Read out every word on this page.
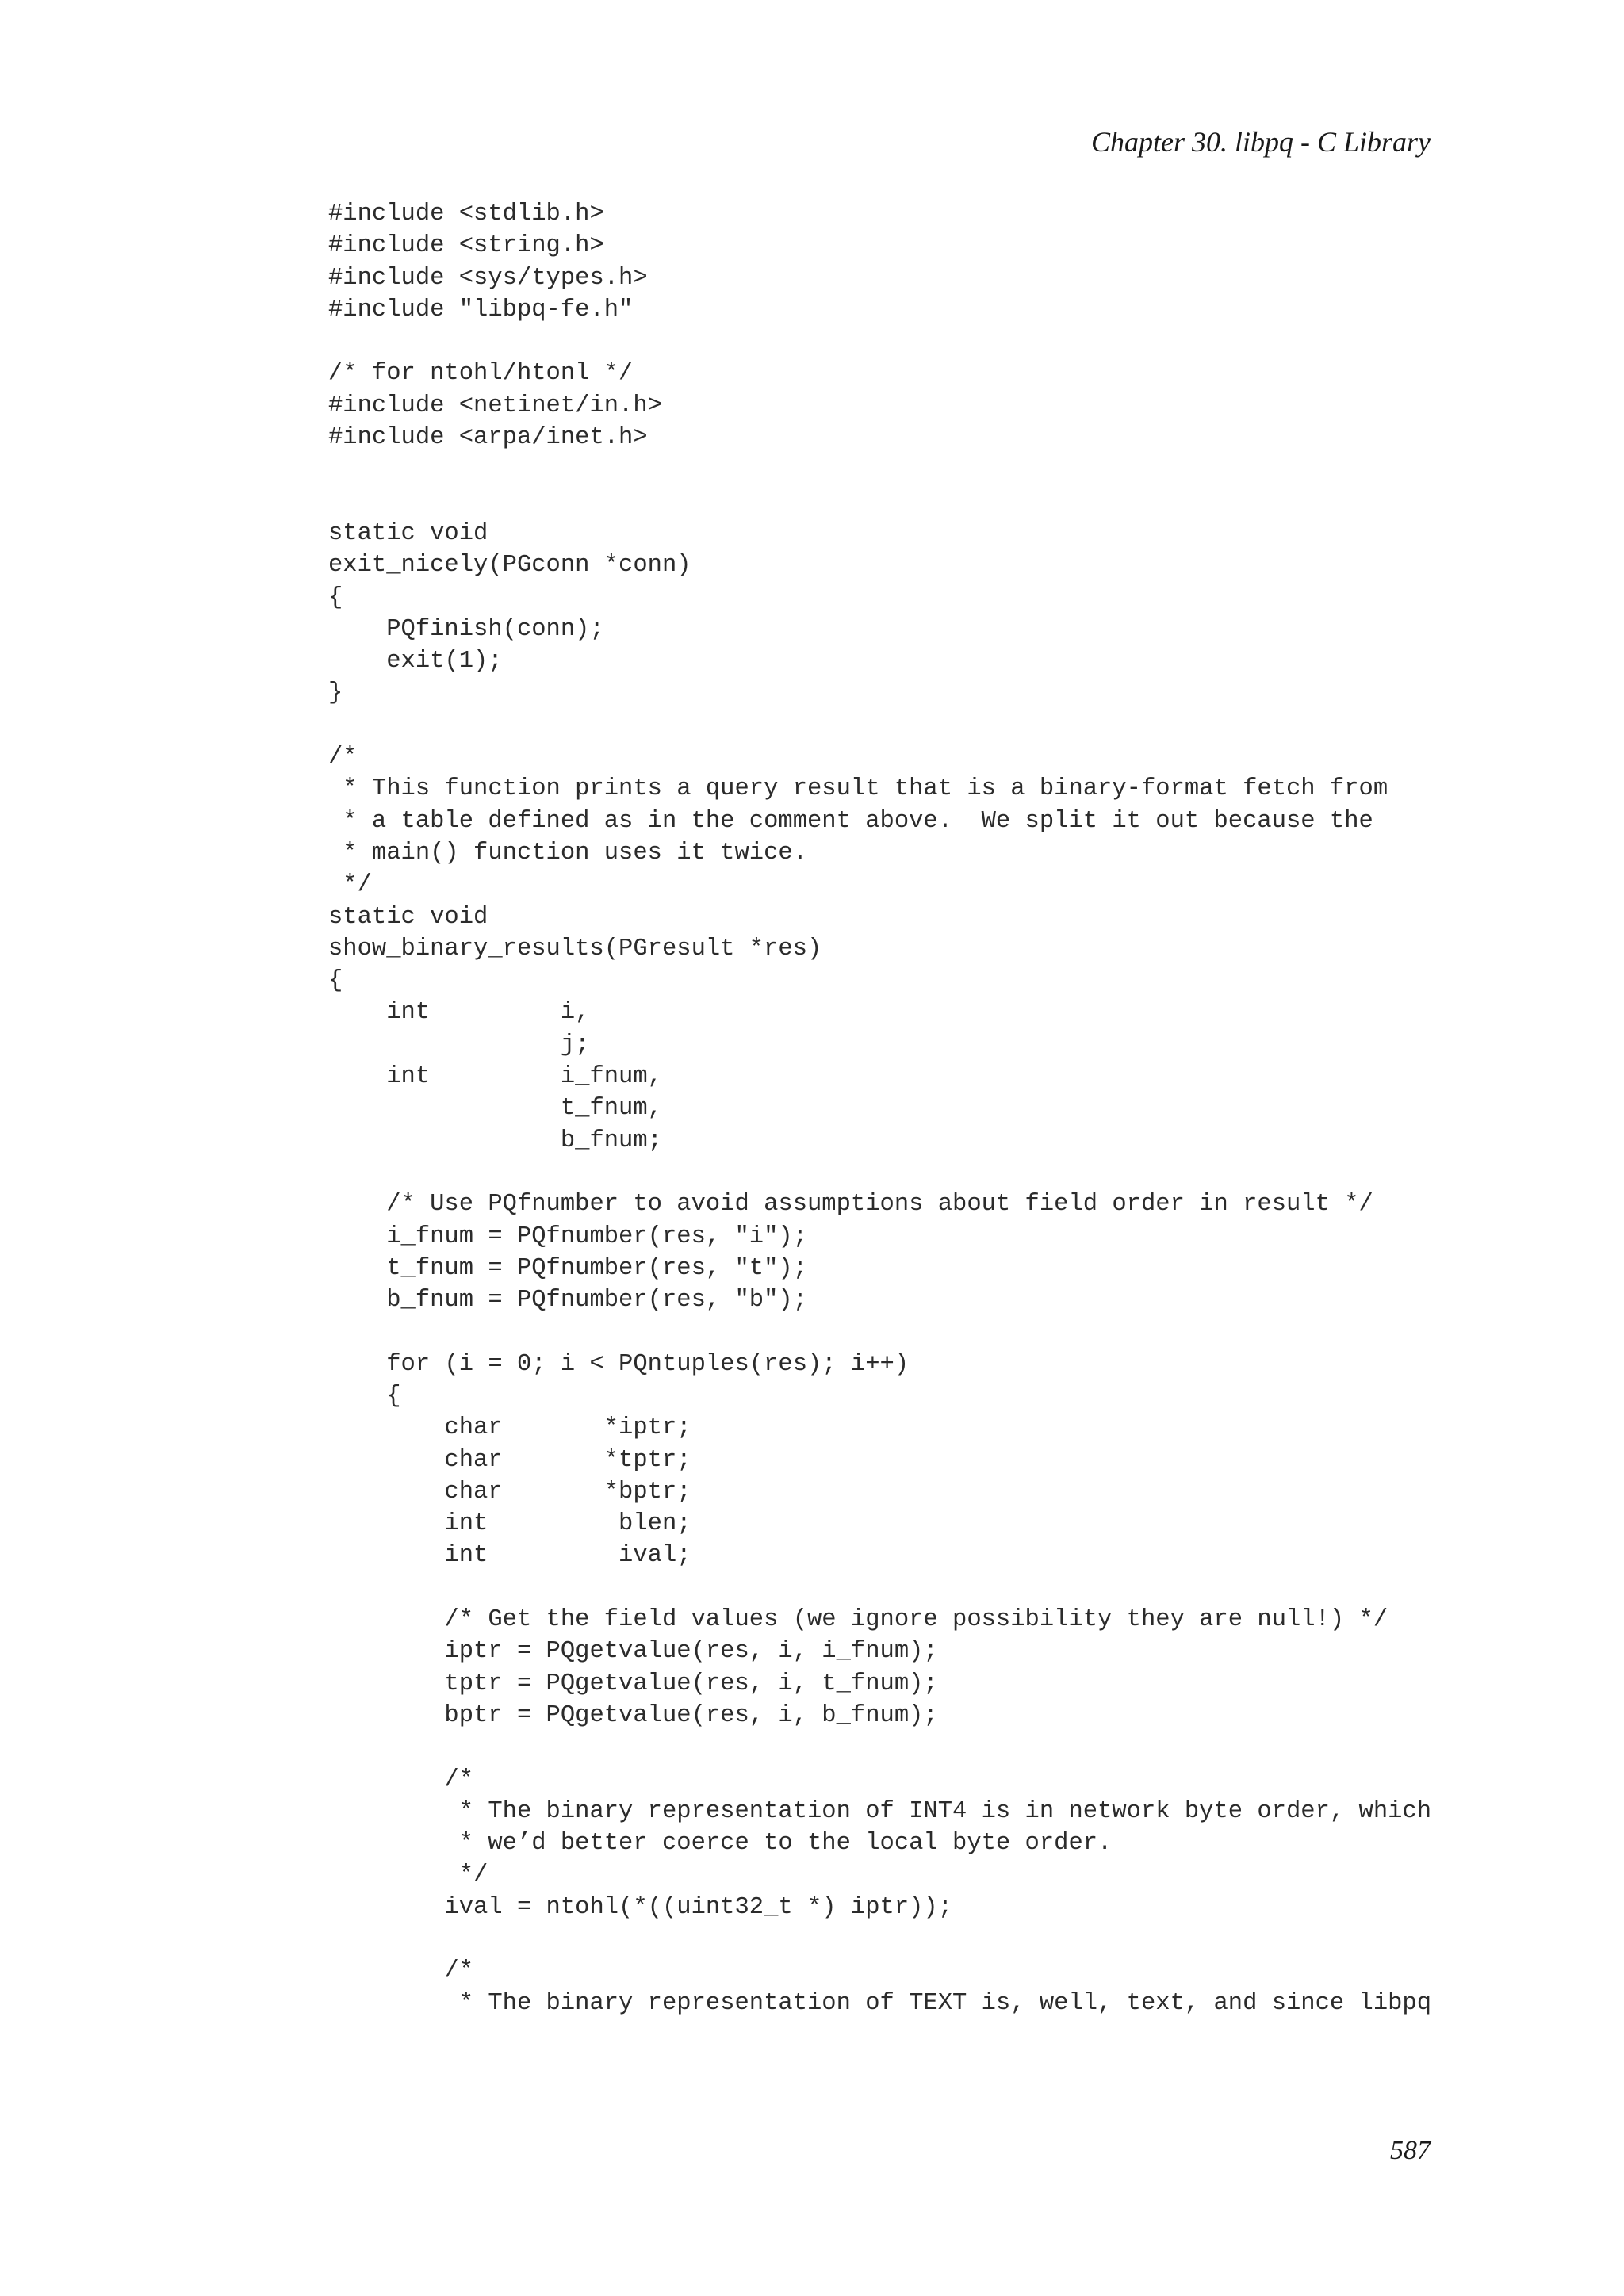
Chapter 30. libpq - C Library
#include <stdlib.h>
#include <string.h>
#include <sys/types.h>
#include "libpq-fe.h"

/* for ntohl/htonl */
#include <netinet/in.h>
#include <arpa/inet.h>

static void
exit_nicely(PGconn *conn)
{
PQfinish(conn);
exit(1);
}

/*
* This function prints a query result that is a binary-format fetch from
* a table defined as in the comment above.  We split it out because the
* main() function uses it twice.
*/
static void
show_binary_results(PGresult *res)
{
int         i,
j;
int         i_fnum,
t_fnum,
b_fnum;

/* Use PQfnumber to avoid assumptions about field order in result */
i_fnum = PQfnumber(res, "i");
t_fnum = PQfnumber(res, "t");
b_fnum = PQfnumber(res, "b");

for (i = 0; i < PQntuples(res); i++)
{
char       *iptr;
char       *tptr;
char       *bptr;
int         blen;
int         ival;

/* Get the field values (we ignore possibility they are null!) */
iptr = PQgetvalue(res, i, i_fnum);
tptr = PQgetvalue(res, i, t_fnum);
bptr = PQgetvalue(res, i, b_fnum);

/*
* The binary representation of INT4 is in network byte order, which
* we’d better coerce to the local byte order.
*/
ival = ntohl(*((uint32_t *) iptr));

/*
* The binary representation of TEXT is, well, text, and since libpq
587
